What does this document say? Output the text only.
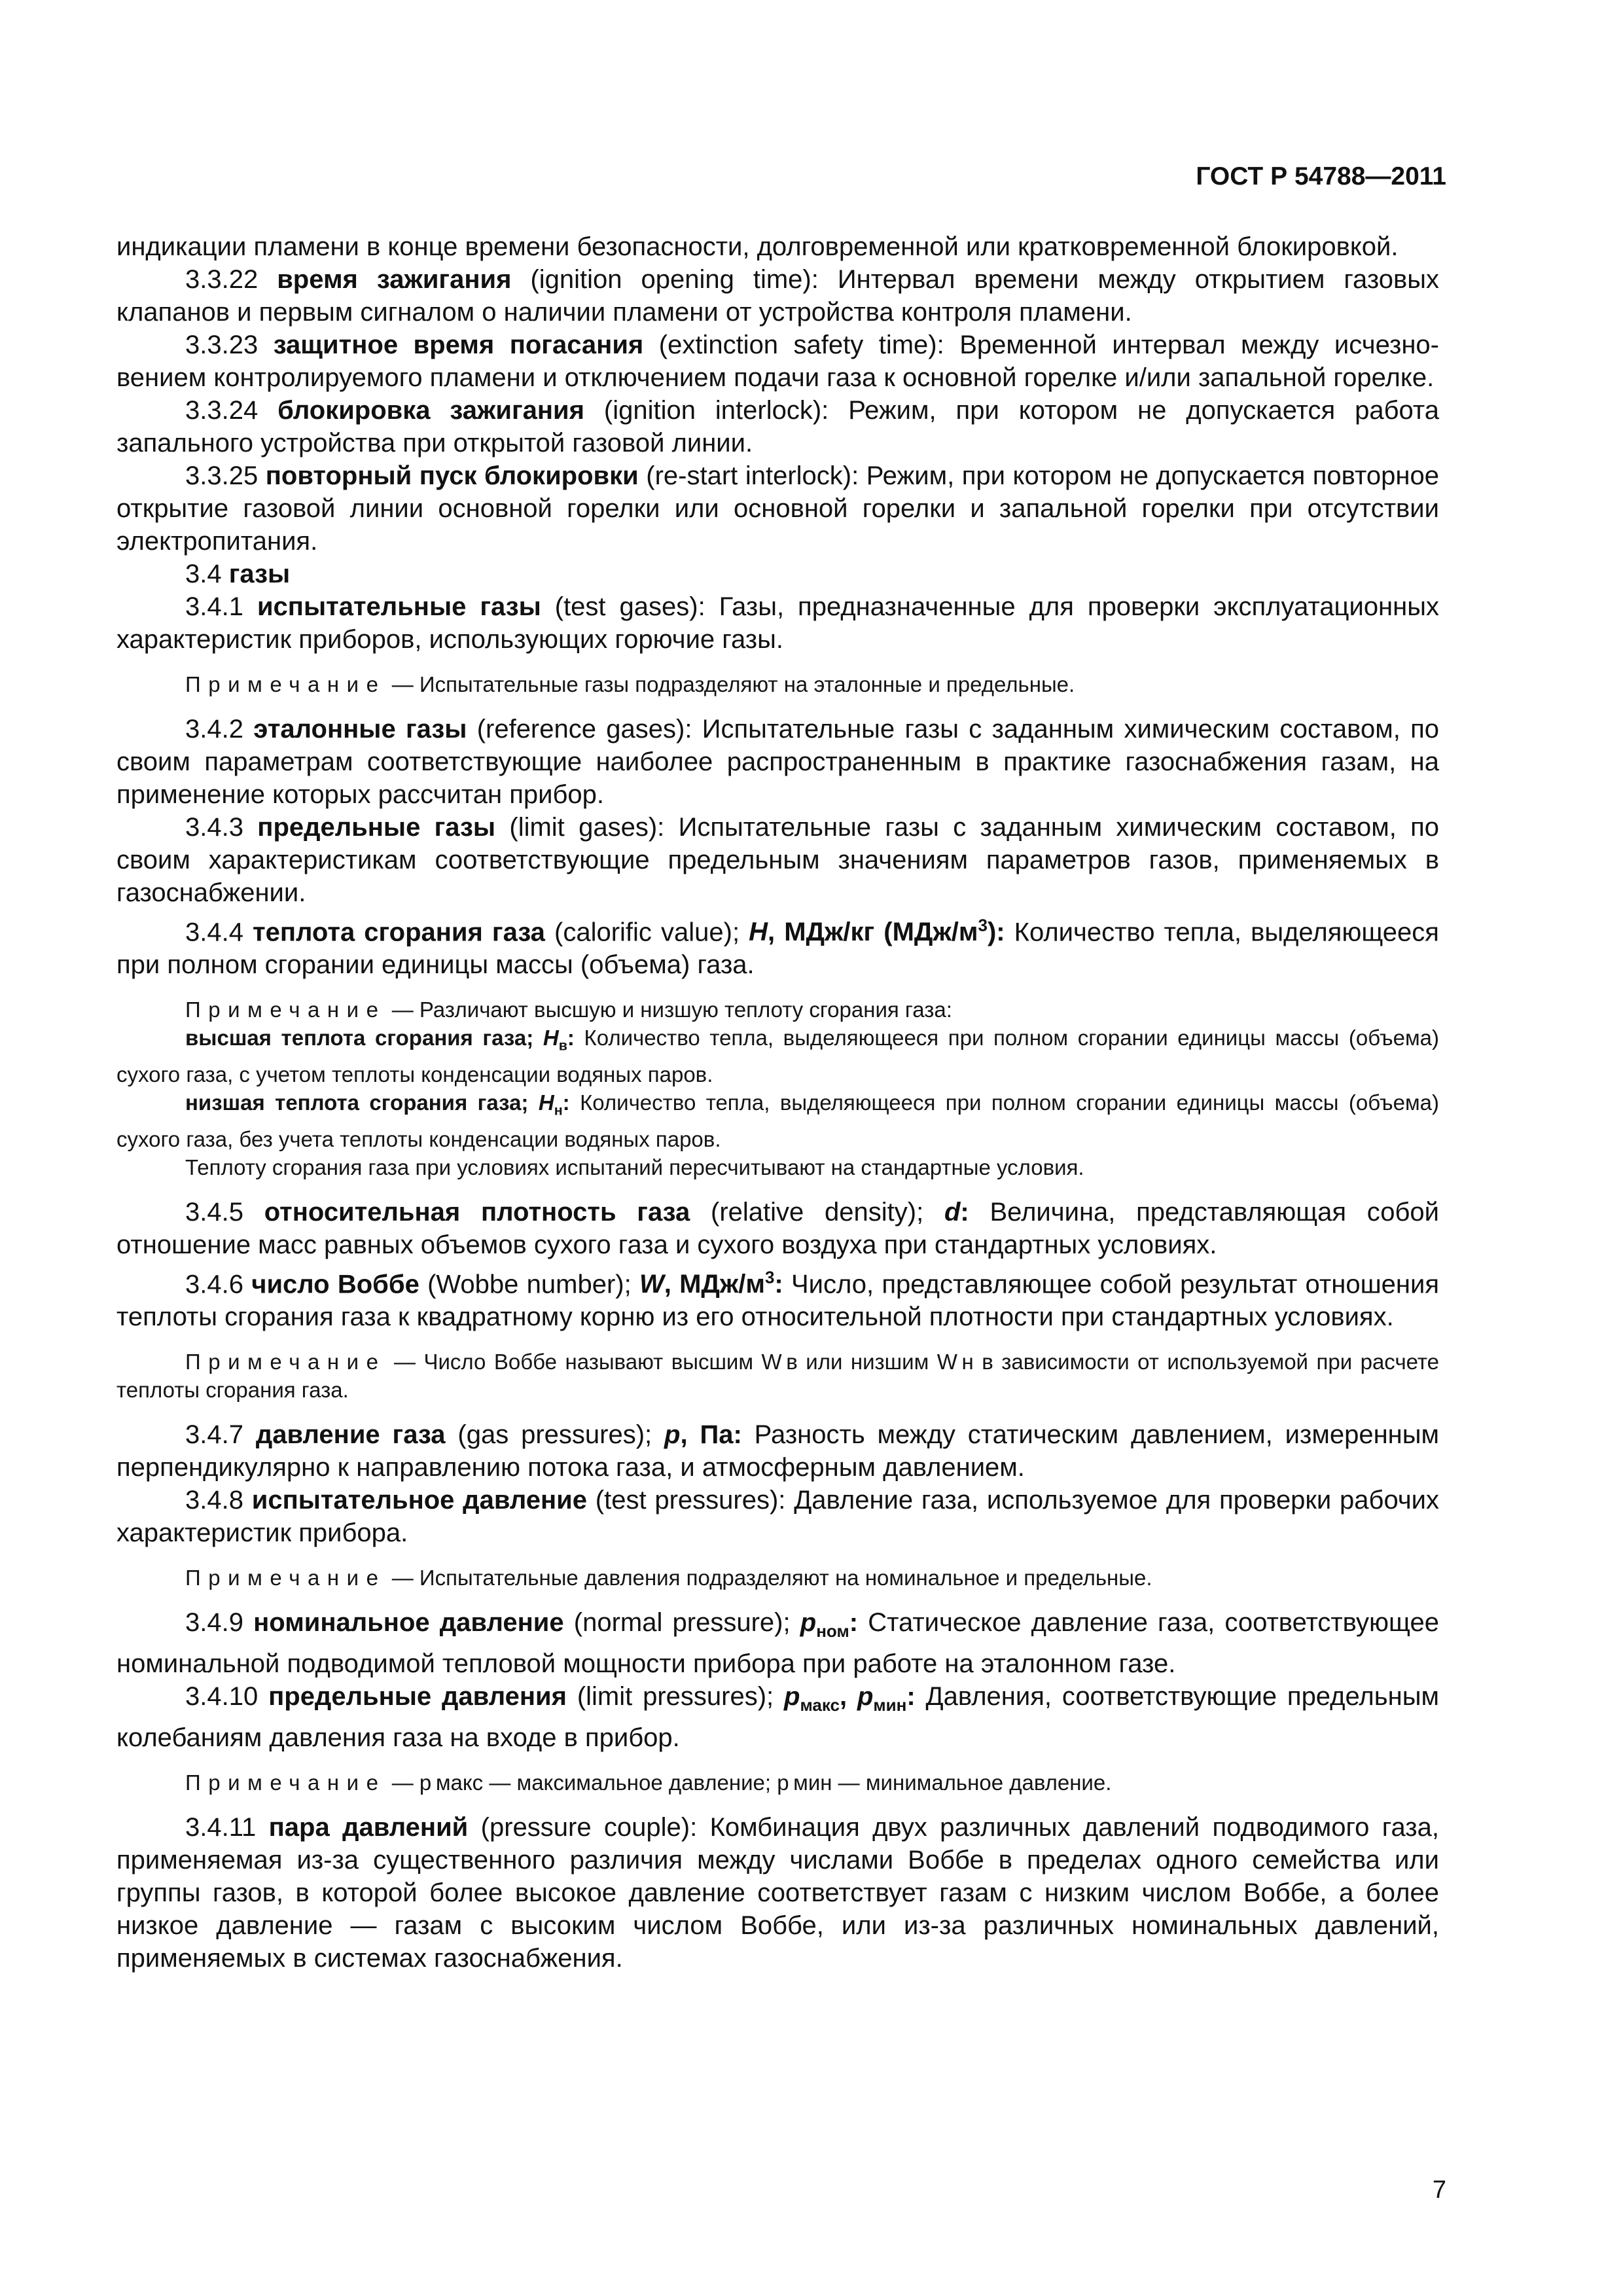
ГОСТ Р 54788—2011

индикации пламени в конце времени безопасности, долговременной или кратковременной блокировкой.

3.3.22 время зажигания (ignition opening time): Интервал времени между открытием газовых клапанов и первым сигналом о наличии пламени от устройства контроля пламени.

3.3.23 защитное время погасания (extinction safety time): Временной интервал между исчезновением контролируемого пламени и отключением подачи газа к основной горелке и/или запальной горелке.

3.3.24 блокировка зажигания (ignition interlock): Режим, при котором не допускается работа запального устройства при открытой газовой линии.

3.3.25 повторный пуск блокировки (re-start interlock): Режим, при котором не допускается повторное открытие газовой линии основной горелки или основной горелки и запальной горелки при отсутствии электропитания.

3.4 газы

3.4.1 испытательные газы (test gases): Газы, предназначенные для проверки эксплуатационных характеристик приборов, использующих горючие газы.

Примечание — Испытательные газы подразделяют на эталонные и предельные.

3.4.2 эталонные газы (reference gases): Испытательные газы с заданным химическим составом, по своим параметрам соответствующие наиболее распространенным в практике газоснабжения газам, на применение которых рассчитан прибор.

3.4.3 предельные газы (limit gases): Испытательные газы с заданным химическим составом, по своим характеристикам соответствующие предельным значениям параметров газов, применяемых в газоснабжении.

3.4.4 теплота сгорания газа (calorific value); H, МДж/кг $(МДж/м^3)$: Количество тепла, выделяющееся при полном сгорании единицы массы (объема) газа.

Примечание — Различают высшую и низшую теплоту сгорания газа:

высшая теплота сгорания газа; $H_в$: Количество тепла, выделяющееся при полном сгорании единицы массы (объема) сухого газа, с учетом теплоты конденсации водяных паров.

низшая теплота сгорания газа; $H_н$: Количество тепла, выделяющееся при полном сгорании единицы массы (объема) сухого газа, без учета теплоты конденсации водяных паров.

Теплоту сгорания газа при условиях испытаний пересчитывают на стандартные условия.

3.4.5 относительная плотность газа (relative density); d: Величина, представляющая собой отношение масс равных объемов сухого газа и сухого воздуха при стандартных условиях.

3.4.6 число Воббе (Wobbe number); W, МДж/$м^3$: Число, представляющее собой результат отношения теплоты сгорания газа к квадратному корню из его относительной плотности при стандартных условиях.

Примечание — Число Воббе называют высшим W в или низшим W н в зависимости от используемой при расчете теплоты сгорания газа.

3.4.7 давление газа (gas pressures); p, Па: Разность между статическим давлением, измеренным перпендикулярно к направлению потока газа, и атмосферным давлением.

3.4.8 испытательное давление (test pressures): Давление газа, используемое для проверки рабочих характеристик прибора.

Примечание — Испытательные давления подразделяют на номинальное и предельные.

3.4.9 номинальное давление (normal pressure); $p_{ном}$: Статическое давление газа, соответствующее номинальной подводимой тепловой мощности прибора при работе на эталонном газе.

3.4.10 предельные давления (limit pressures); $p_{макс}$, $p_{мин}$: Давления, соответствующие предельным колебаниям давления газа на входе в прибор.

Примечание — p макс — максимальное давление; p мин — минимальное давление.

3.4.11 пара давлений (pressure couple): Комбинация двух различных давлений подводимого газа, применяемая из-за существенного различия между числами Воббе в пределах одного семейства или группы газов, в которой более высокое давление соответствует газам с низким числом Воббе, а более низкое давление — газам с высоким числом Воббе, или из-за различных номинальных давлений, применяемых в системах газоснабжения.

7
